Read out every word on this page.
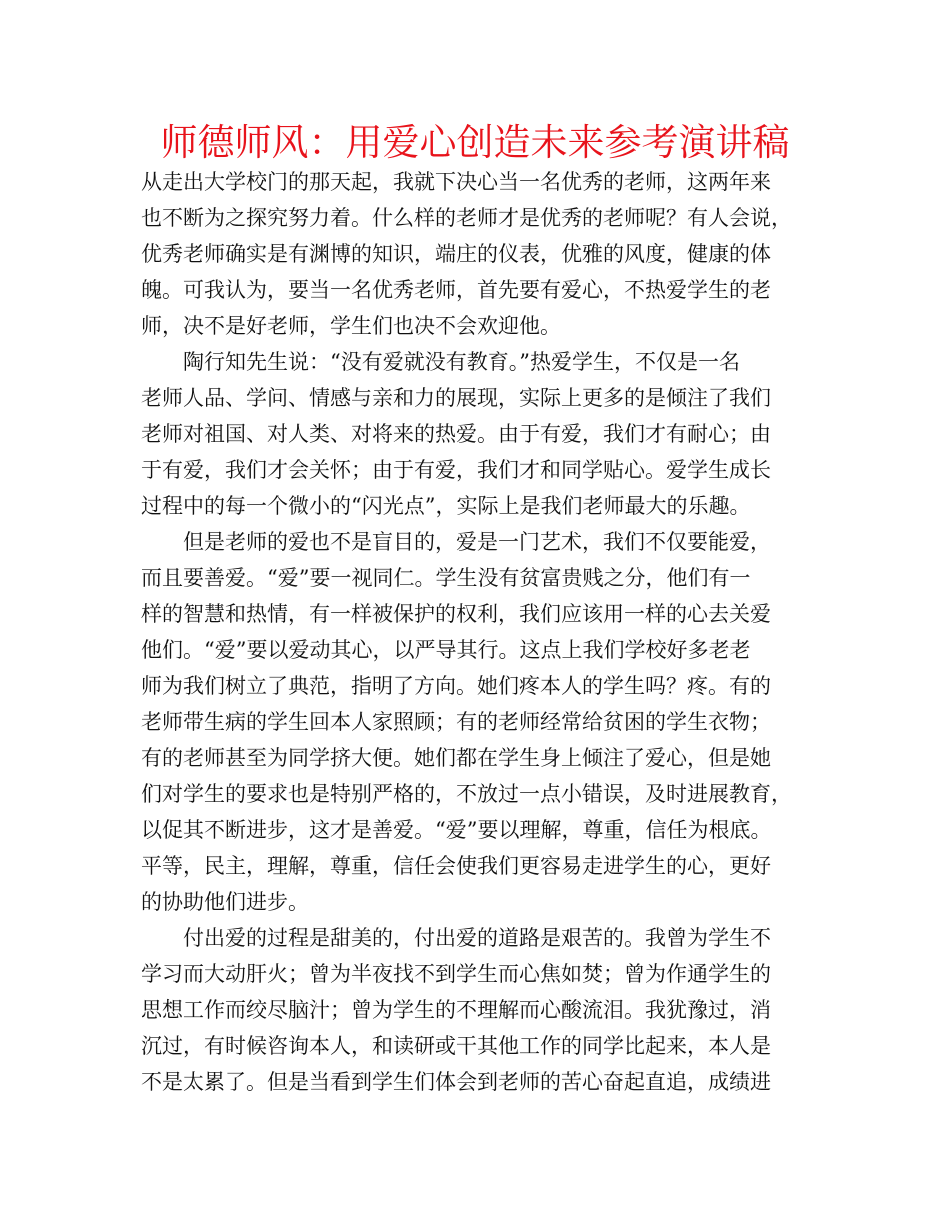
师德师风：用爱心创造未来参考演讲稿
从走出大学校门的那天起，我就下决心当一名优秀的老师，这两年来
也不断为之探究努力着。什么样的老师才是优秀的老师呢？有人会说，
优秀老师确实是有渊博的知识，端庄的仪表，优雅的风度，健康的体
魄。可我认为，要当一名优秀老师，首先要有爱心，不热爱学生的老
师，决不是好老师，学生们也决不会欢迎他。
陶行知先生说：“没有爱就没有教育。”热爱学生，不仅是一名
老师人品、学问、情感与亲和力的展现，实际上更多的是倾注了我们
老师对祖国、对人类、对将来的热爱。由于有爱，我们才有耐心；由
于有爱，我们才会关怀；由于有爱，我们才和同学贴心。爱学生成长
过程中的每一个微小的“闪光点”，实际上是我们老师最大的乐趣。
但是老师的爱也不是盲目的，爱是一门艺术，我们不仅要能爱，
而且要善爱。“爱”要一视同仁。学生没有贫富贵贱之分，他们有一
样的智慧和热情，有一样被保护的权利，我们应该用一样的心去关爱
他们。“爱”要以爱动其心，以严导其行。这点上我们学校好多老老
师为我们树立了典范，指明了方向。她们疼本人的学生吗？疼。有的
老师带生病的学生回本人家照顾；有的老师经常给贫困的学生衣物；
有的老师甚至为同学挤大便。她们都在学生身上倾注了爱心，但是她
们对学生的要求也是特别严格的，不放过一点小错误，及时进展教育，
以促其不断进步，这才是善爱。“爱”要以理解，尊重，信任为根底。
平等，民主，理解，尊重，信任会使我们更容易走进学生的心，更好
的协助他们进步。
付出爱的过程是甜美的，付出爱的道路是艰苦的。我曾为学生不
学习而大动肝火；曾为半夜找不到学生而心焦如焚；曾为作通学生的
思想工作而绞尽脑汁；曾为学生的不理解而心酸流泪。我犹豫过，消
沉过，有时候咨询本人，和读研或干其他工作的同学比起来，本人是
不是太累了。但是当看到学生们体会到老师的苦心奋起直追，成绩进
